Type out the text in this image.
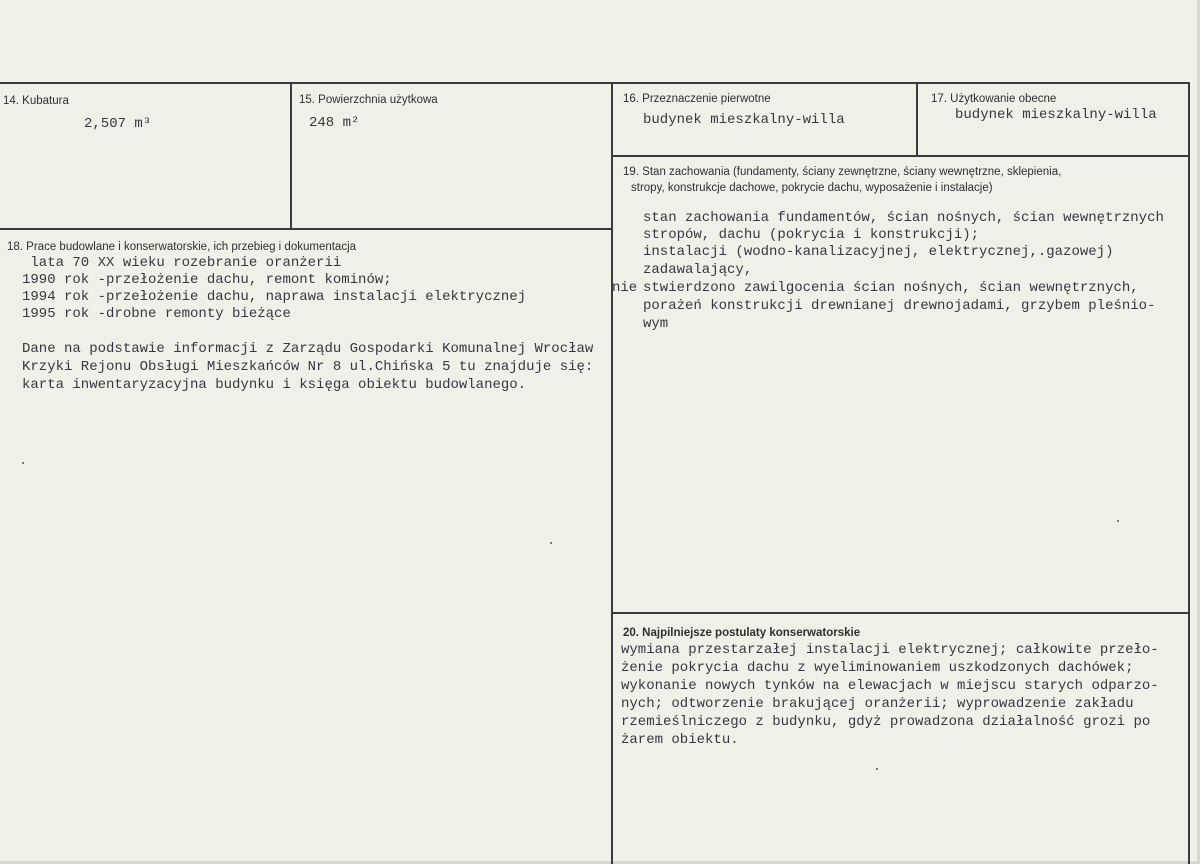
14. Kubatura
2,507 m³
15. Powierzchnia użytkowa
248 m²
16. Przeznaczenie pierwotne
budynek mieszkalny-willa
17. Użytkowanie obecne
budynek mieszkalny-willa
18. Prace budowlane i konserwatorskie, ich przebieg i dokumentacja
lata 70 XX wieku rozebranie oranżerii
1990 rok -przełożenie dachu, remont kominów;
1994 rok -przełożenie dachu, naprawa instalacji elektrycznej
1995 rok -drobne remonty bieżące
Dane na podstawie informacji z Zarządu Gospodarki Komunalnej Wrocław
Krzyki Rejonu Obsługi Mieszkańców Nr 8 ul.Chińska 5 tu znajduje się:
karta inwentaryzacyjna budynku i księga obiektu budowlanego.
19. Stan zachowania (fundamenty, ściany zewnętrzne, ściany wewnętrzne, sklepienia,
stropy, konstrukcje dachowe, pokrycie dachu, wyposażenie i instalacje)
stan zachowania fundamentów, ścian nośnych, ścian wewnętrznych
stropów, dachu (pokrycia i konstrukcji);
instalacji (wodno-kanalizacyjnej, elektrycznej,.gazowej)
zadawalający,
nie stwierdzono zawilgocenia ścian nośnych, ścian wewnętrznych,
porażeń konstrukcji drewnianej drewnojadami, grzybem pleśnio-
wym
20. Najpilniejsze postulaty konserwatorskie
wymiana przestarzałej instalacji elektrycznej; całkowite przeło-
żenie pokrycia dachu z wyeliminowaniem uszkodzonych dachówek;
wykonanie nowych tynków na elewacjach w miejscu starych odparzo-
nych; odtworzenie brakującej oranżerii; wyprowadzenie zakładu
rzemieślniczego z budynku, gdyż prowadzona działalność grozi po
żarem obiektu.
